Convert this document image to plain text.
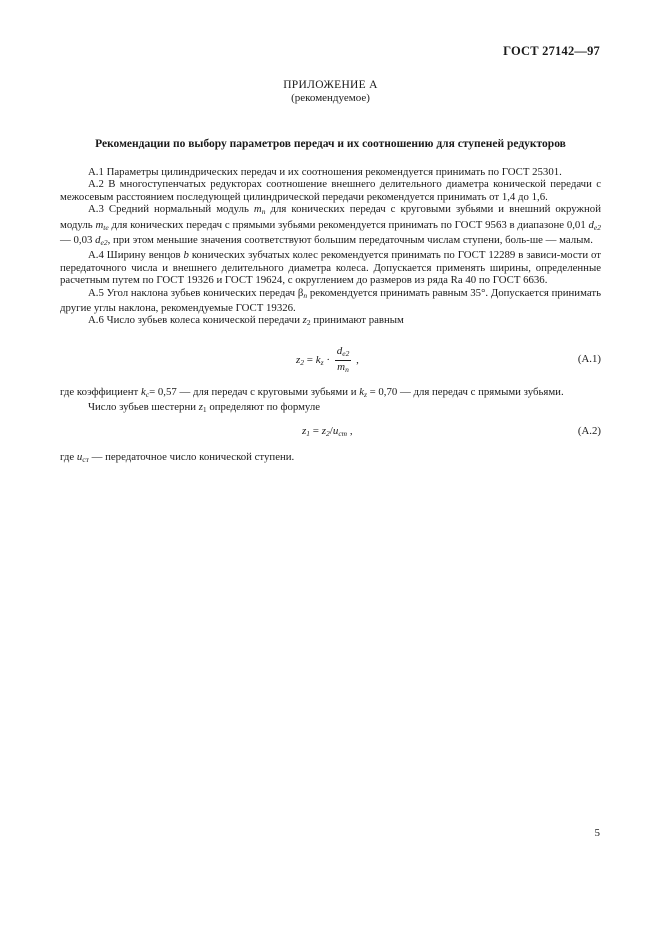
ГОСТ 27142—97
ПРИЛОЖЕНИЕ А
(рекомендуемое)
Рекомендации по выбору параметров передач и их соотношению для ступеней редукторов

А.1 Параметры цилиндрических передач и их соотношения рекомендуется принимать по ГОСТ 25301.

А.2 В многоступенчатых редукторах соотношение внешнего делительного диаметра конической передачи с межосевым расстоянием последующей цилиндрической передачи рекомендуется принимать от 1,4 до 1,6.

А.3 Средний нормальный модуль $m_n$ для конических передач с круговыми зубьями и внешний окружной модуль $m_{te}$ для конических передач с прямыми зубьями рекомендуется принимать по ГОСТ 9563 в диапазоне 0,01 $d_{e2}$ — 0,03 $d_{e2}$, при этом меньшие значения соответствуют большим передаточным числам ступени, боль-ше — малым.

А.4 Ширину венцов b конических зубчатых колес рекомендуется принимать по ГОСТ 12289 в зависи-мости от передаточного числа и внешнего делительного диаметра колеса. Допускается применять ширины, определенные расчетным путем по ГОСТ 19326 и ГОСТ 19624, с округлением до размеров из ряда Ra 40 по ГОСТ 6636.

А.5 Угол наклона зубьев конических передач $\beta_n$ рекомендуется принимать равным 35°. Допускается принимать другие углы наклона, рекомендуемые ГОСТ 19326.

А.6 Число зубьев колеса конической передачи $z_2$ принимают равным

$z_2 = k_z \cdot \frac{d_{e2}}{m_n}$ ,	(А.1)

где коэффициент $k_c= 0,57$ — для передач с круговыми зубьями и $k_z = 0,70$ — для передач с прямыми зубьями.

Число зубьев шестерни $z_1$ определяют по формуле

$z_1 = z_2/u_{ст}$ ,	(А.2)

где $u_{ст}$ — передаточное число конической ступени.

5
